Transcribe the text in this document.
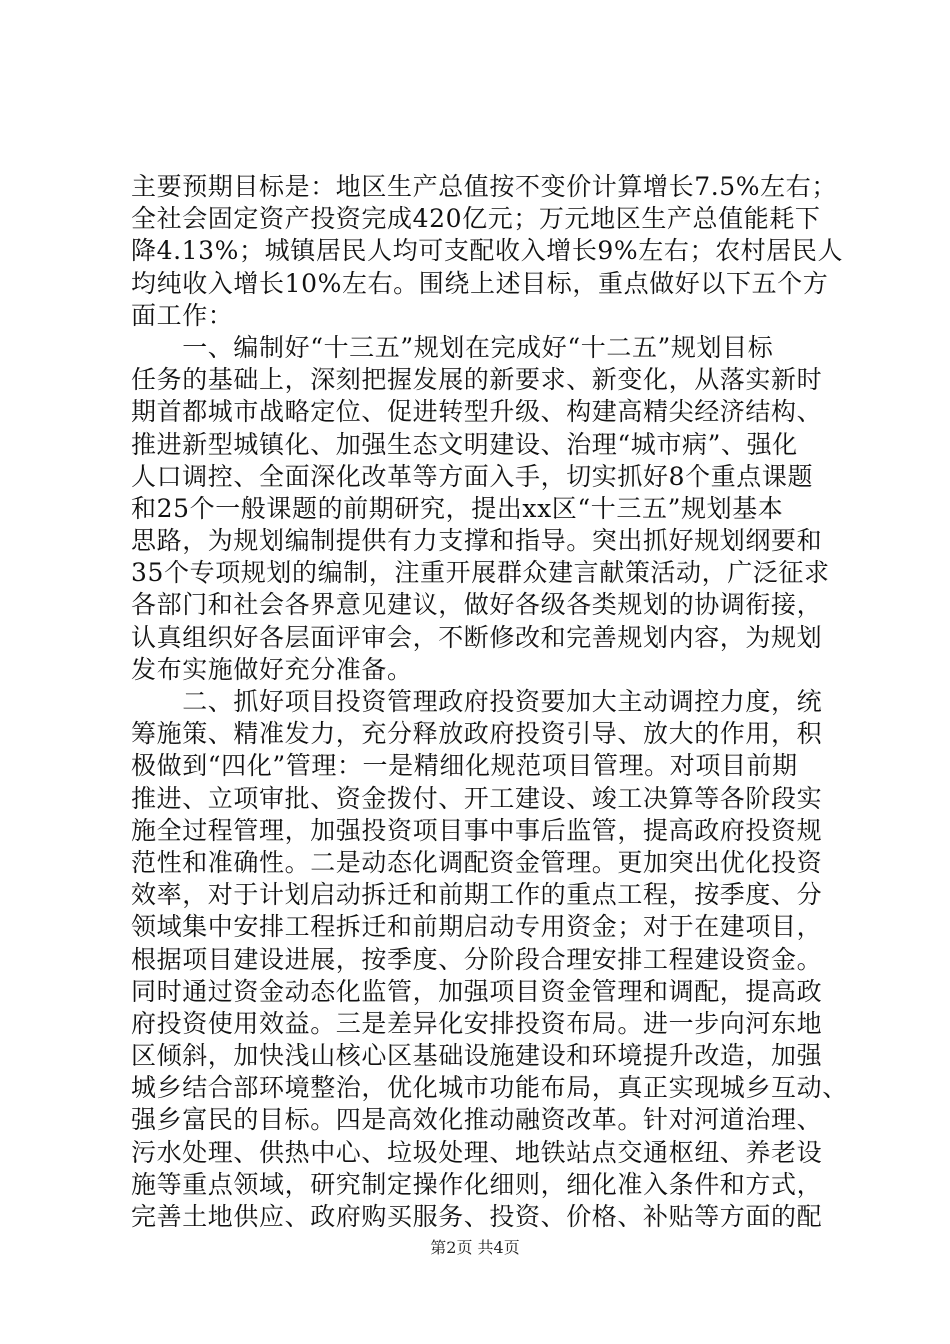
主要预期目标是：地区生产总值按不变价计算增长7.5%左右；
全社会固定资产投资完成420亿元；万元地区生产总值能耗下
降4.13%；城镇居民人均可支配收入增长9%左右；农村居民人
均纯收入增长10%左右。围绕上述目标，重点做好以下五个方
面工作：
　　一、编制好“十三五”规划在完成好“十二五”规划目标
任务的基础上，深刻把握发展的新要求、新变化，从落实新时
期首都城市战略定位、促进转型升级、构建高精尖经济结构、
推进新型城镇化、加强生态文明建设、治理“城市病”、强化
人口调控、全面深化改革等方面入手，切实抓好8个重点课题
和25个一般课题的前期研究，提出xx区“十三五”规划基本
思路，为规划编制提供有力支撑和指导。突出抓好规划纲要和
35个专项规划的编制，注重开展群众建言献策活动，广泛征求
各部门和社会各界意见建议，做好各级各类规划的协调衔接，
认真组织好各层面评审会，不断修改和完善规划内容，为规划
发布实施做好充分准备。
　　二、抓好项目投资管理政府投资要加大主动调控力度，统
筹施策、精准发力，充分释放政府投资引导、放大的作用，积
极做到“四化”管理：一是精细化规范项目管理。对项目前期
推进、立项审批、资金拨付、开工建设、竣工决算等各阶段实
施全过程管理，加强投资项目事中事后监管，提高政府投资规
范性和准确性。二是动态化调配资金管理。更加突出优化投资
效率，对于计划启动拆迁和前期工作的重点工程，按季度、分
领域集中安排工程拆迁和前期启动专用资金；对于在建项目，
根据项目建设进展，按季度、分阶段合理安排工程建设资金。
同时通过资金动态化监管，加强项目资金管理和调配，提高政
府投资使用效益。三是差异化安排投资布局。进一步向河东地
区倾斜，加快浅山核心区基础设施建设和环境提升改造，加强
城乡结合部环境整治，优化城市功能布局，真正实现城乡互动、
强乡富民的目标。四是高效化推动融资改革。针对河道治理、
污水处理、供热中心、垃圾处理、地铁站点交通枢纽、养老设
施等重点领域，研究制定操作化细则，细化准入条件和方式，
完善土地供应、政府购买服务、投资、价格、补贴等方面的配
第2页 共4页
